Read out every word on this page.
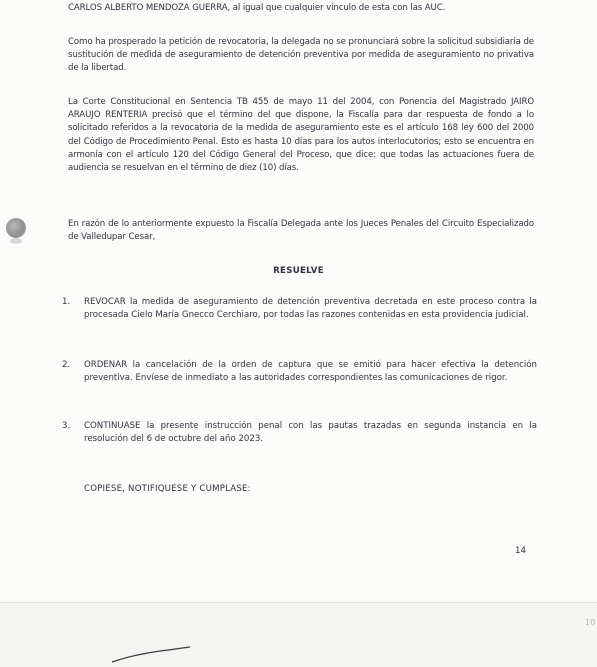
CARLOS ALBERTO MENDOZA GUERRA, al igual que cualquier vínculo de esta con las AUC.
Como ha prosperado la petición de revocatoria, la delegada no se pronunciará sobre la solicitud subsidiaria de sustitución de medida de aseguramiento de detención preventiva por medida de aseguramiento no privativa de la libertad.
La Corte Constitucional en Sentencia TB 455 de mayo 11 del 2004, con Ponencia del Magistrado JAIRO ARAUJO RENTERIA precisó que el término del que dispone, la Fiscalía para dar respuesta de fondo a lo solicitado referidos a la revocatoria de la medida de aseguramiento este es el artículo 168 ley 600 del 2000 del Código de Procedimiento Penal. Esto es hasta 10 días para los autos interlocutorios; esto se encuentra en armonía con el artículo 120 del Código General del Proceso, que dice: que todas las actuaciones fuera de audiencia se resuelvan en el término de diez (10) días.
En razón de lo anteriormente expuesto la Fiscalía Delegada ante los Jueces Penales del Circuito Especializado de Valledupar Cesar,
RESUELVE
1.	REVOCAR la medida de aseguramiento de detención preventiva decretada en este proceso contra la procesada Cielo María Gnecco Cerchiaro, por todas las razones contenidas en esta providencia judicial.
2.	ORDENAR la cancelación de la orden de captura que se emitió para hacer efectiva la detención preventiva. Envíese de inmediato a las autoridades correspondientes las comunicaciones de rigor.
3.	CONTINUASE la presente instrucción penal con las pautas trazadas en segunda instancia en la resolución del 6 de octubre del año 2023.
COPIESE, NOTIFIQUESE Y CUMPLASE:
14
10
